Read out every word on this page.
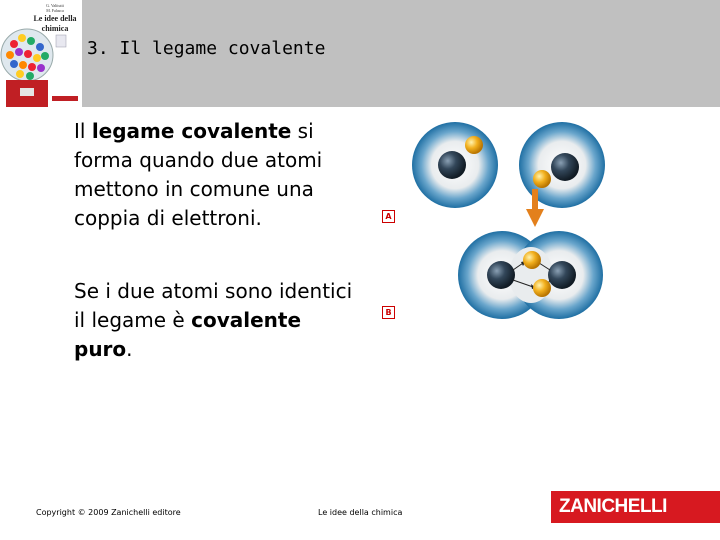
G. Valitutti
M. Falasca
Le idee della
chimica
3. Il legame covalente

Il legame covalente si forma quando due atomi mettono in comune una coppia di elettroni.

Se i due atomi sono identici il legame è covalente puro.

A
B
Copyright © 2009 Zanichelli editore	Le idee della chimica	ZANICHELLI
